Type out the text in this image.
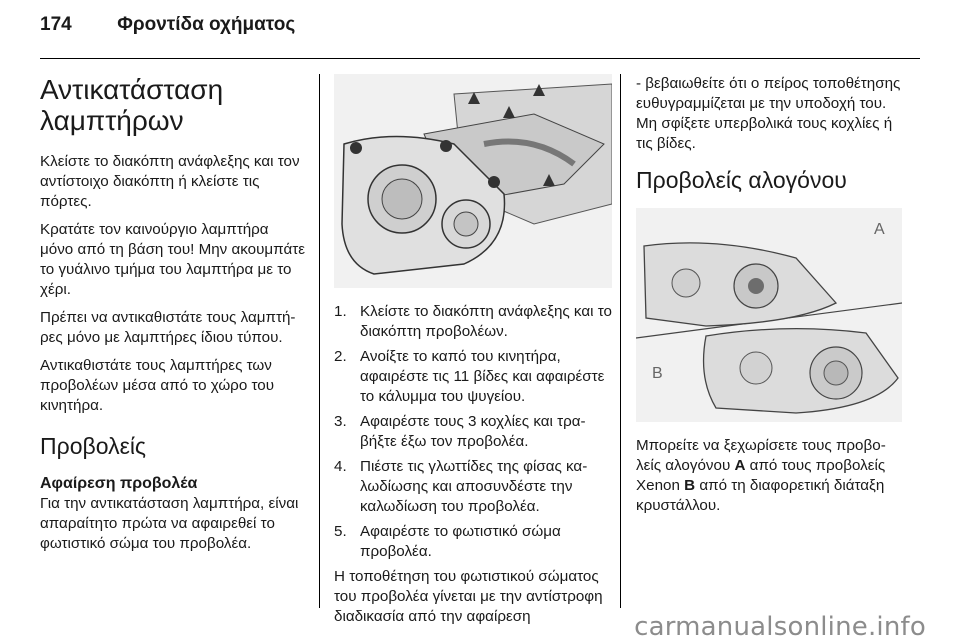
174 Φροντίδα οχήματος
Αντικατάσταση λαμπτήρων

Κλείστε το διακόπτη ανάφλεξης και τον αντίστοιχο διακόπτη ή κλείστε τις πόρτες.

Κρατάτε τον καινούργιο λαμπτήρα μόνο από τη βάση του! Μην ακουμπάτε το γυάλινο τμήμα του λαμπτήρα με το χέρι.

Πρέπει να αντικαθιστάτε τους λαμπτήρες μόνο με λαμπτήρες ίδιου τύπου.

Αντικαθιστάτε τους λαμπτήρες των προβολέων μέσα από το χώρο του κινητήρα.

Προβολείς
Αφαίρεση προβολέα

Για την αντικατάσταση λαμπτήρα, είναι απαραίτητο πρώτα να αφαιρεθεί το φωτιστικό σώμα του προβολέα.

1. Κλείστε το διακόπτη ανάφλεξης και το διακόπτη προβολέων.
2. Ανοίξτε το καπό του κινητήρα, αφαιρέστε τις 11 βίδες και αφαιρέστε το κάλυμμα του ψυγείου.
3. Αφαιρέστε τους 3 κοχλίες και τραβήξτε έξω τον προβολέα.
4. Πιέστε τις γλωττίδες της φίσας καλωδίωσης και αποσυνδέστε την καλωδίωση του προβολέα.
5. Αφαιρέστε το φωτιστικό σώμα προβολέα.

Η τοποθέτηση του φωτιστικού σώματος του προβολέα γίνεται με την αντίστροφη διαδικασία από την αφαίρεση

- βεβαιωθείτε ότι ο πείρος τοποθέτησης ευθυγραμμίζεται με την υποδοχή του. Μη σφίξετε υπερβολικά τους κοχλίες ή τις βίδες.

Προβολείς αλογόνου
A
B

Μπορείτε να ξεχωρίσετε τους προβολείς αλογόνου A από τους προβολείς Xenon B από τη διαφορετική διάταξη κρυστάλλου.

carmanualsonline.info
